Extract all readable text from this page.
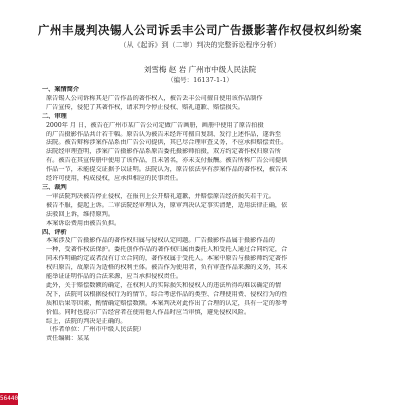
广州丰晟判决锡人公司诉丢丰公司广告摄影著作权侵权纠纷案
（从《起诉》到（二审）判决的完整诉讼程序分析）
刘雪梅 赵 岩 广州市中级人民法院
（编号：16137-1-1）

一、案情简介

原告锡人公司诉称其是广告作品的著作权人，被告丢丰公司擅自使用该作品制作

广告宣传，侵犯了其著作权，请求判令停止侵权、赔礼道歉、赔偿损失。

二、审理

2000年 月 日，被告在广州市某广告公司定做广告画册，画册中使用了原告拍摄

的广告摄影作品共计若干幅。原告认为被告未经许可擅自复制、发行上述作品，遂诉至

法院。被告辩称涉案作品系由广告公司提供，其已尽合理审查义务，不应承担赔偿责任。

法院经审理查明，涉案广告摄影作品系原告委托摄影师拍摄，双方约定著作权归原告所

有。被告在其宣传册中使用了该作品，且未署名，亦未支付报酬。被告所称广告公司提供

作品一节，未能提交证据予以证明。法院认为，原告依法享有涉案作品的著作权，被告未

经许可使用，构成侵权，应承担相应的民事责任。

三、裁判

一审法院判决被告停止侵权，在报刊上公开赔礼道歉，并赔偿原告经济损失若干元。

被告不服，提起上诉。二审法院经审理认为，原审判决认定事实清楚，适用法律正确，依

法驳回上诉，维持原判。

本案诉讼费用由被告负担。

四、评析

本案涉及广告摄影作品的著作权归属与侵权认定问题。广告摄影作品属于摄影作品的

一种，受著作权法保护。委托创作作品的著作权归属由委托人和受托人通过合同约定，合

同未作明确约定或者没有订立合同的，著作权属于受托人。本案中原告与摄影师约定著作

权归原告，故原告为适格的权利主体。被告作为使用者，负有审查作品来源的义务，其未

能举证证明作品的合法来源，应当承担侵权责任。

此外，关于赔偿数额的确定，在权利人的实际损失和侵权人的违法所得均难以确定的情

况下，法院可以根据侵权行为的情节，综合考虑作品的类型、合理使用费、侵权行为的性

质和后果等因素，酌情确定赔偿数额。本案判决对此作出了合理的认定，具有一定的参考

价值。同时也提示广告经营者在使用他人作品时应当审慎，避免侵权风险。

综上，法院的判决是正确的。

（作者单位：广州市中级人民法院）

责任编辑：某某

56440
